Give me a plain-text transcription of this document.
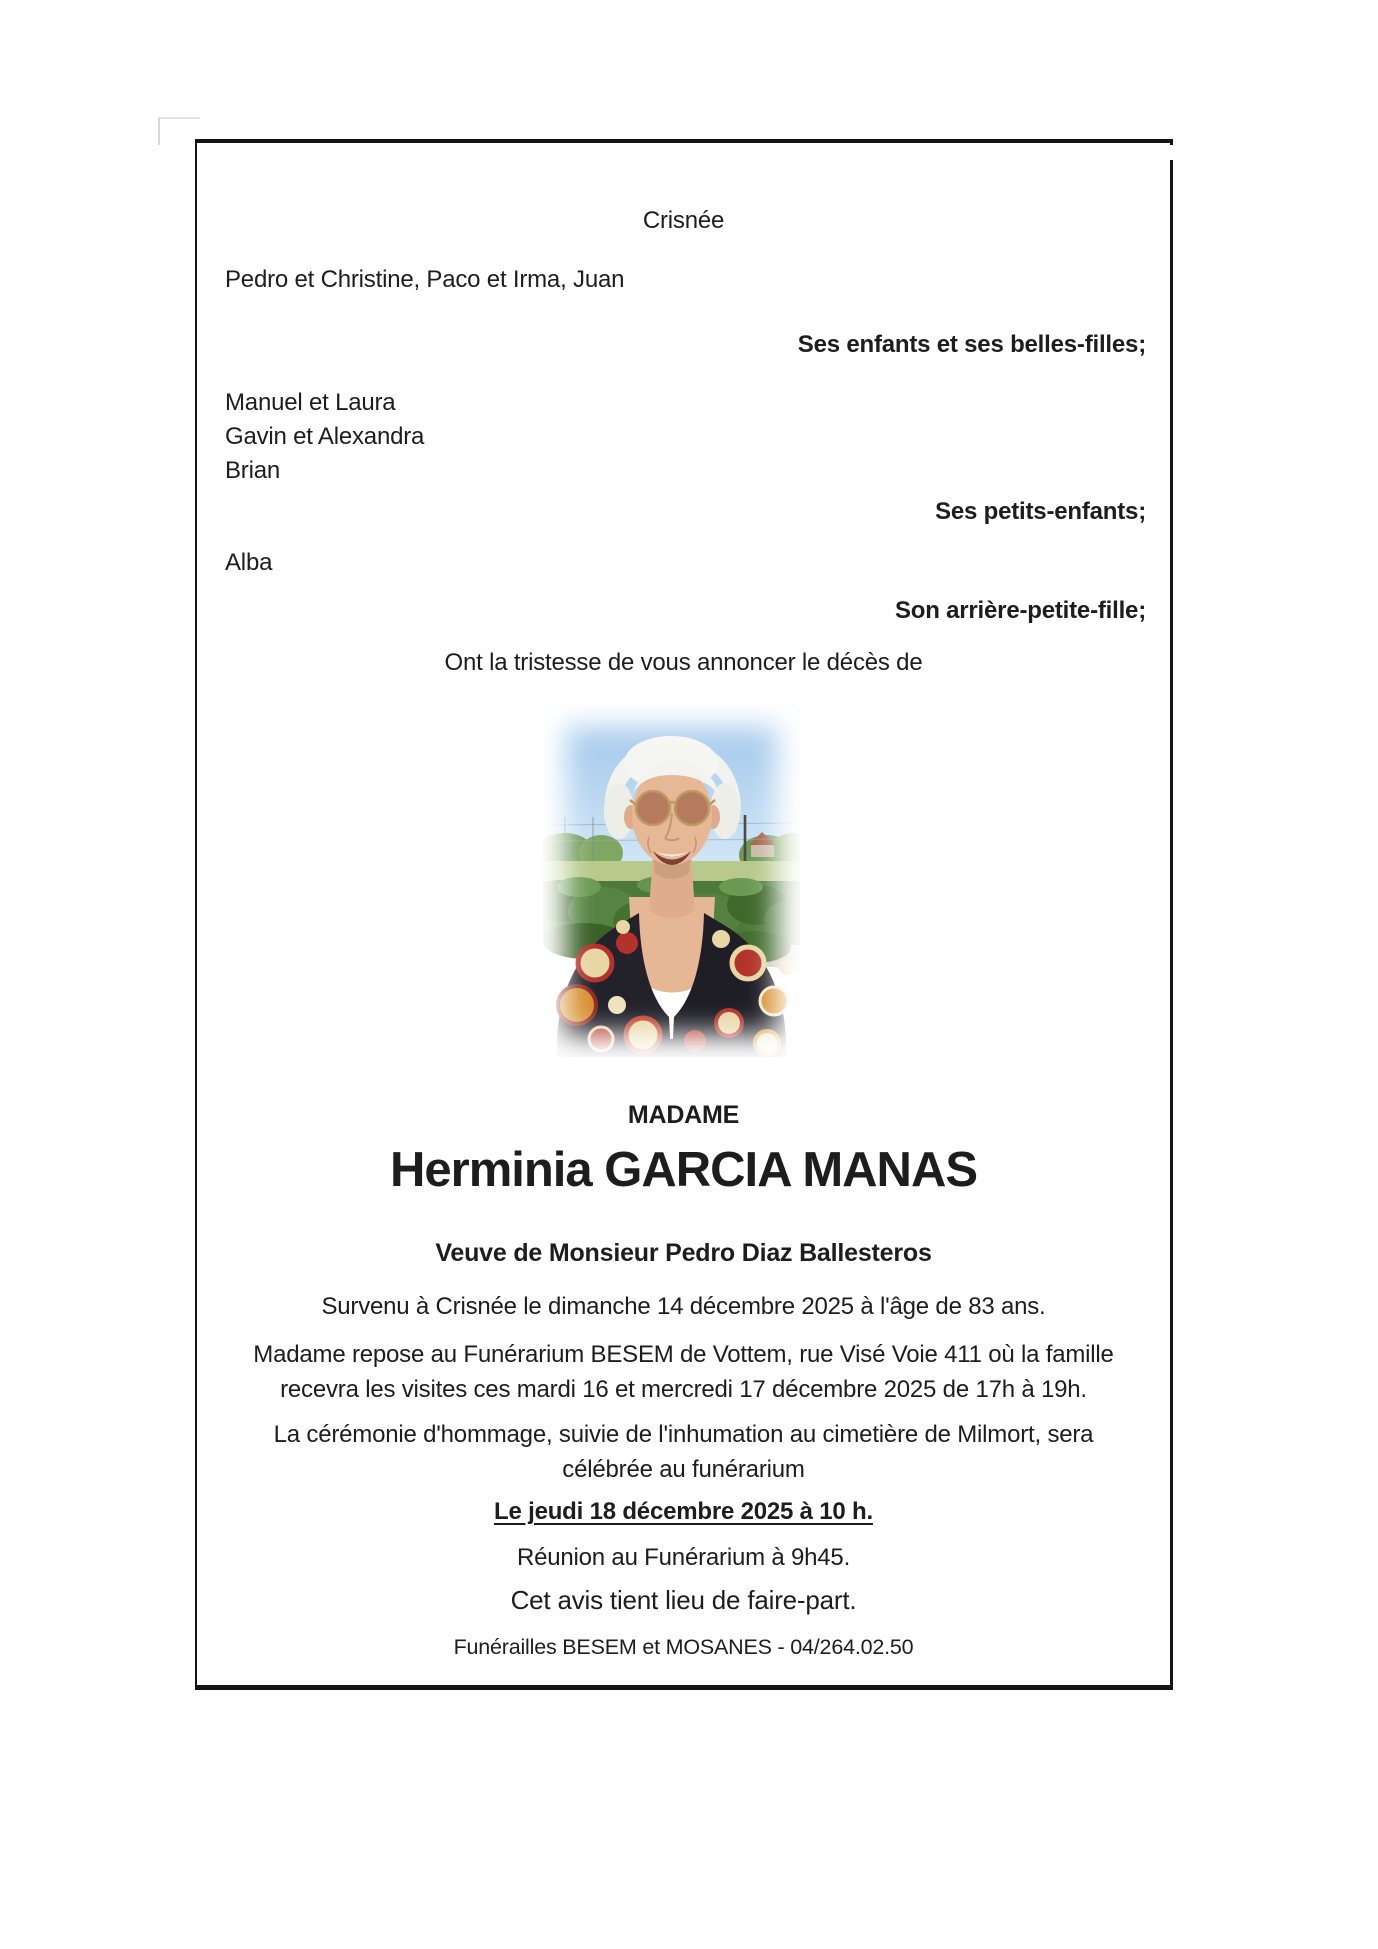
Crisnée
Pedro et Christine, Paco et Irma, Juan
Ses enfants et ses belles-filles;
Manuel et Laura
Gavin et Alexandra
Brian
Ses petits-enfants;
Alba
Son arrière-petite-fille;
Ont la tristesse de vous annoncer le décès de
MADAME
Herminia GARCIA MANAS
Veuve de Monsieur Pedro Diaz Ballesteros
Survenu à Crisnée le dimanche 14 décembre 2025 à l'âge de 83 ans.
Madame repose au Funérarium BESEM de Vottem, rue Visé Voie 411 où la famille
recevra les visites ces mardi 16 et mercredi 17 décembre 2025 de 17h à 19h.
La cérémonie d'hommage, suivie de l'inhumation au cimetière de Milmort, sera
célébrée au funérarium
Le jeudi 18 décembre 2025 à 10 h.
Réunion au Funérarium à 9h45.
Cet avis tient lieu de faire-part.
Funérailles BESEM et MOSANES - 04/264.02.50
